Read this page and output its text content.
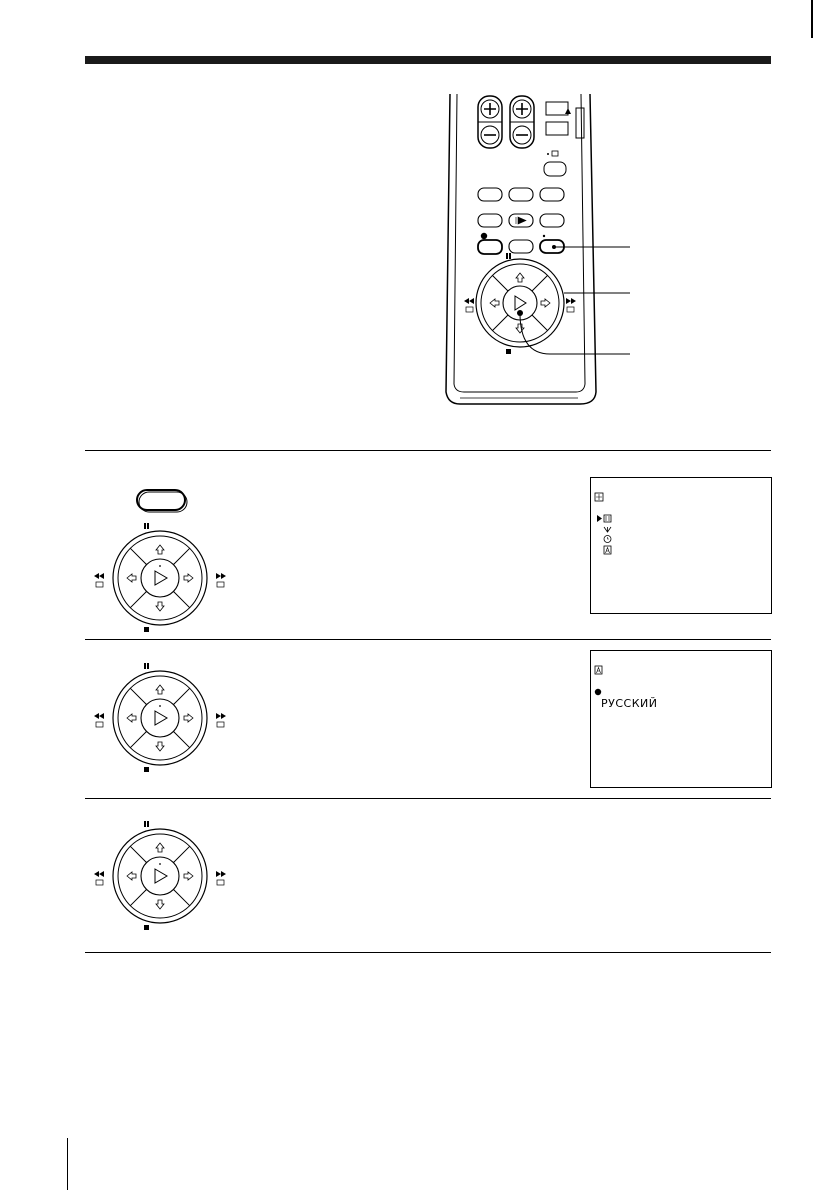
РУССКИЙ
